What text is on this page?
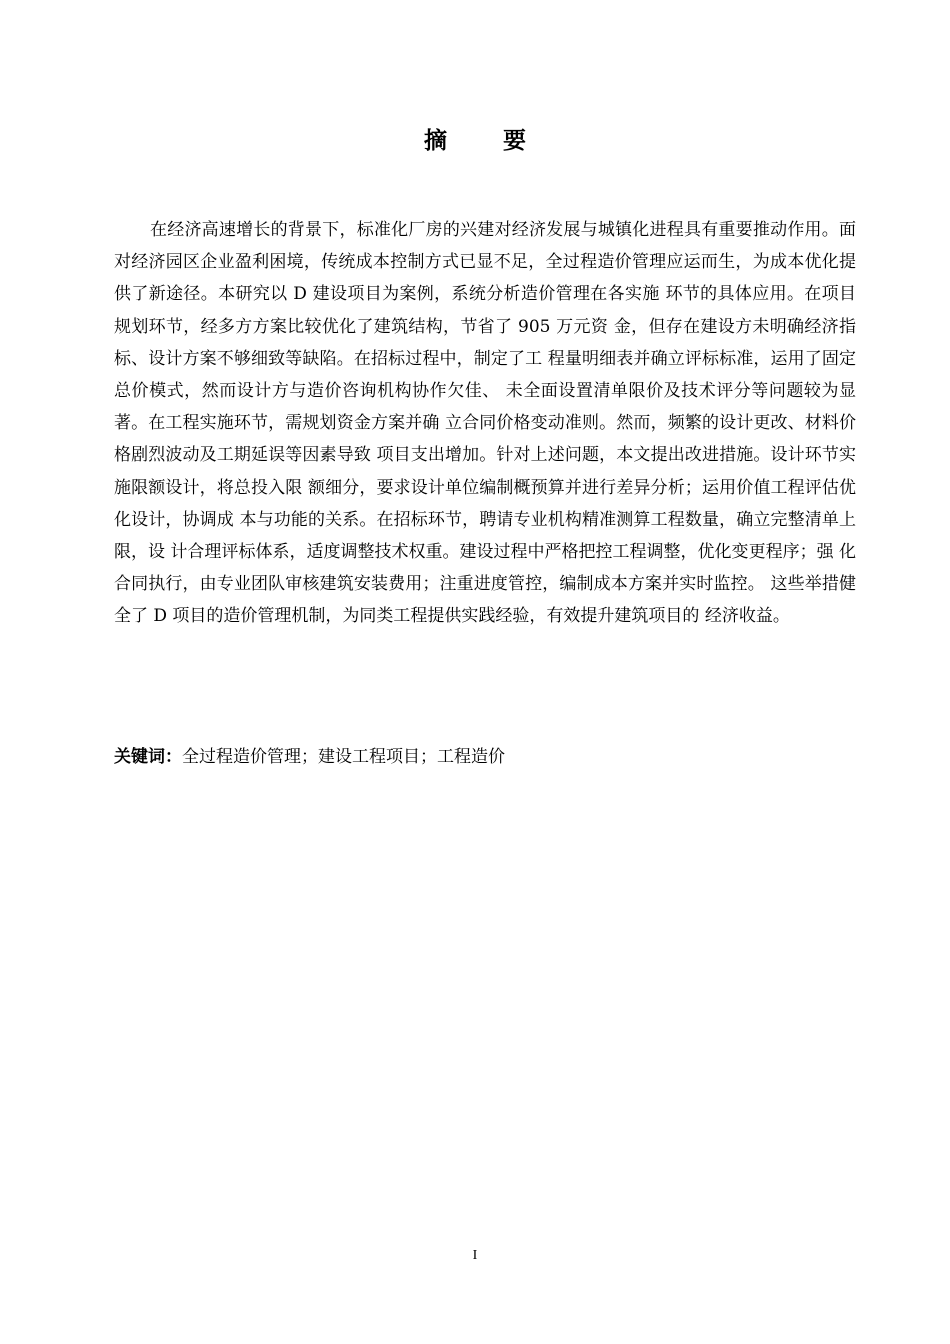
摘 要

在经济高速增长的背景下，标准化厂房的兴建对经济发展与城镇化进程具有重要推动作用。面对经济园区企业盈利困境，传统成本控制方式已显不足，全过程造价管理应运而生，为成本优化提供了新途径。本研究以 D 建设项目为案例，系统分析造价管理在各实施 环节的具体应用。在项目规划环节，经多方方案比较优化了建筑结构，节省了 905 万元资 金，但存在建设方未明确经济指标、设计方案不够细致等缺陷。在招标过程中，制定了工 程量明细表并确立评标标准，运用了固定总价模式，然而设计方与造价咨询机构协作欠佳、 未全面设置清单限价及技术评分等问题较为显著。在工程实施环节，需规划资金方案并确 立合同价格变动准则。然而，频繁的设计更改、材料价格剧烈波动及工期延误等因素导致 项目支出增加。针对上述问题，本文提出改进措施。设计环节实施限额设计，将总投入限 额细分，要求设计单位编制概预算并进行差异分析；运用价值工程评估优化设计，协调成 本与功能的关系。在招标环节，聘请专业机构精准测算工程数量，确立完整清单上限，设 计合理评标体系，适度调整技术权重。建设过程中严格把控工程调整，优化变更程序；强 化合同执行，由专业团队审核建筑安装费用；注重进度管控，编制成本方案并实时监控。 这些举措健全了 D 项目的造价管理机制，为同类工程提供实践经验，有效提升建筑项目的 经济收益。

关键词：全过程造价管理；建设工程项目；工程造价
I
